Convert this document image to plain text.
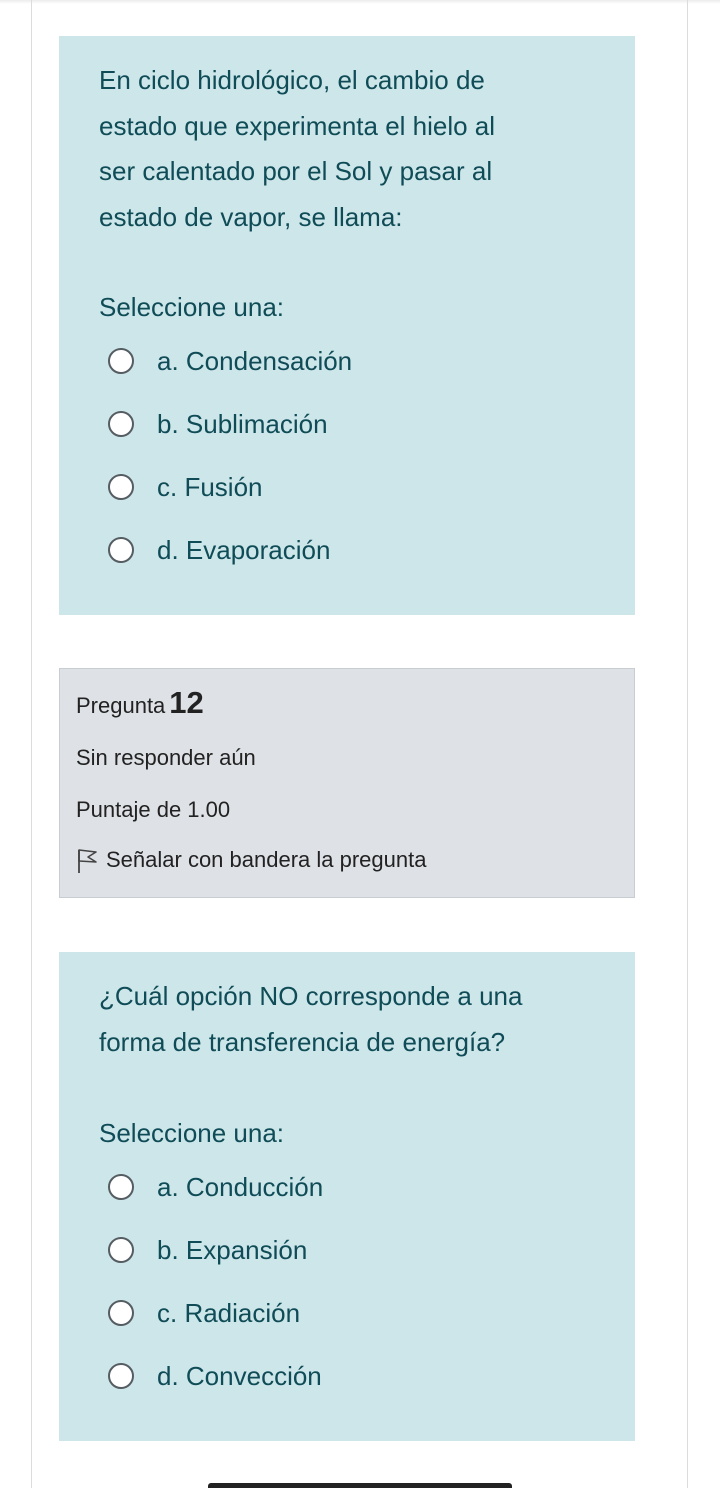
En ciclo hidrológico, el cambio de

estado que experimenta el hielo al

ser calentado por el Sol y pasar al

estado de vapor, se llama:

Seleccione una:

a. Condensación
b. Sublimación
c. Fusión
d. Evaporación
Pregunta 12
Sin responder aún
Puntaje de 1.00
Señalar con bandera la pregunta

¿Cuál opción NO corresponde a una

forma de transferencia de energía?

Seleccione una:

a. Conducción
b. Expansión
c. Radiación
d. Convección
